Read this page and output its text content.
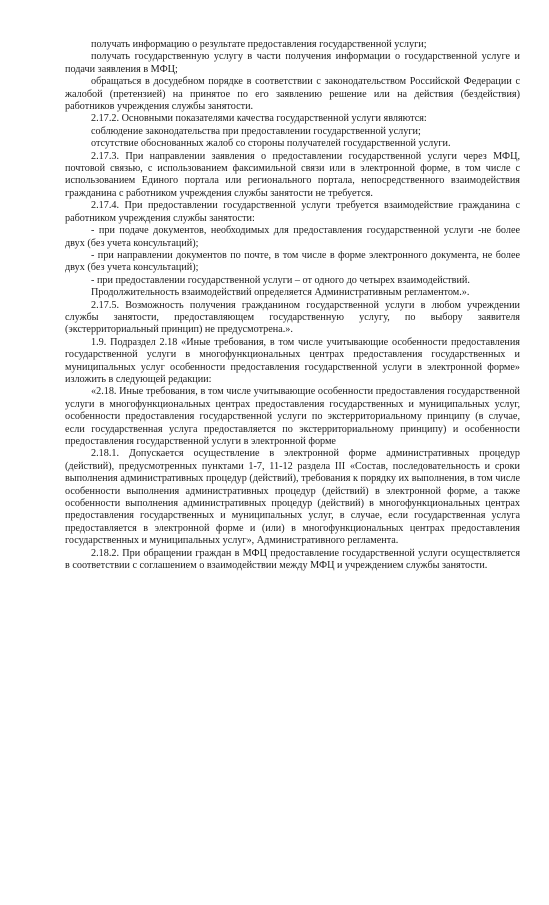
получать информацию о результате предоставления государственной услуги;

получать государственную услугу в части получения информации о государственной услуге и подачи заявления в МФЦ;

обращаться в досудебном порядке в соответствии с законодательством Российской Федерации с жалобой (претензией) на принятое по его заявлению решение или на действия (бездействия) работников учреждения службы занятости.

2.17.2. Основными показателями качества государственной услуги являются:

соблюдение законодательства при предоставлении государственной услуги;

отсутствие обоснованных жалоб со стороны получателей государственной услуги.

2.17.3. При направлении заявления о предоставлении государственной услуги через МФЦ, почтовой связью, с использованием факсимильной связи или в электронной форме, в том числе с использованием Единого портала или регионального портала, непосредственного взаимодействия гражданина с работником учреждения службы занятости не требуется.

2.17.4. При предоставлении государственной услуги требуется взаимодействие гражданина с работником учреждения службы занятости:

- при подаче документов, необходимых для предоставления государственной услуги -не более двух (без учета консультаций);

- при направлении документов по почте, в том числе в форме электронного документа, не более двух (без учета консультаций);

- при предоставлении государственной услуги – от одного до четырех взаимодействий.

Продолжительность взаимодействий определяется Административным регламентом.».

2.17.5. Возможность получения гражданином государственной услуги в любом учреждении службы занятости, предоставляющем государственную услугу, по выбору заявителя (экстерриториальный принцип) не предусмотрена.».

1.9. Подраздел 2.18 «Иные требования, в том числе учитывающие особенности предоставления государственной услуги в многофункциональных центрах предоставления государственных и муниципальных услуг особенности предоставления государственной услуги в электронной форме» изложить в следующей редакции:

«2.18. Иные требования, в том числе учитывающие особенности предоставления государственной услуги в многофункциональных центрах предоставления государственных и муниципальных услуг, особенности предоставления государственной услуги по экстерриториальному принципу (в случае, если государственная услуга предоставляется по экстерриториальному принципу) и особенности предоставления государственной услуги в электронной форме

2.18.1. Допускается осуществление в электронной форме административных процедур (действий), предусмотренных пунктами 1-7, 11-12 раздела III «Состав, последовательность и сроки выполнения административных процедур (действий), требования к порядку их выполнения, в том числе особенности выполнения административных процедур (действий) в электронной форме, а также особенности выполнения административных процедур (действий) в многофункциональных центрах предоставления государственных и муниципальных услуг, в случае, если государственная услуга предоставляется в электронной форме и (или) в многофункциональных центрах предоставления государственных и муниципальных услуг», Административного регламента.

2.18.2. При обращении граждан в МФЦ предоставление государственной услуги осуществляется в соответствии с соглашением о взаимодействии между МФЦ и учреждением службы занятости.
